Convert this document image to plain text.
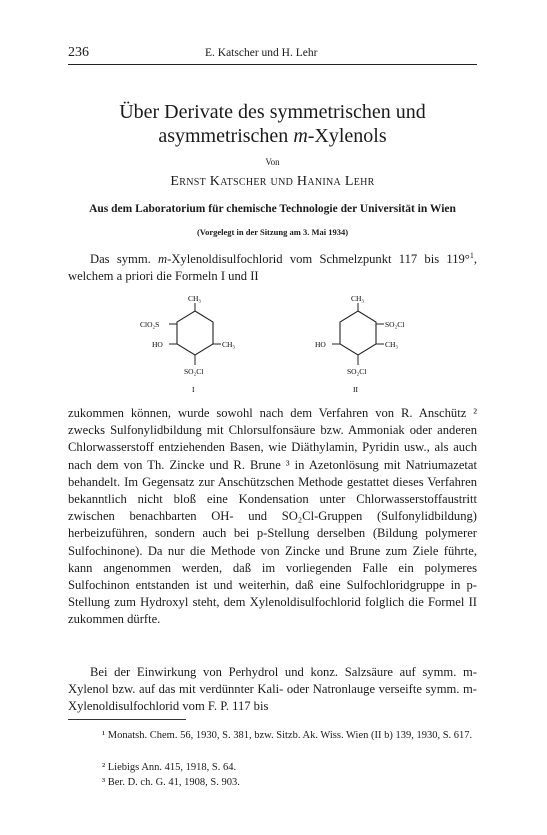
236	E. Katscher und H. Lehr
Über Derivate des symmetrischen und
asymmetrischen m-Xylenols
Von
Ernst Katscher und Hanina Lehr
Aus dem Laboratorium für chemische Technologie der Universität in Wien
(Vorgelegt in der Sitzung am 3. Mai 1934)
Das symm. m-Xylenoldisulfochlorid vom Schmelzpunkt 117 bis 119°$^1$, welchem a priori die Formeln I und II
CH₃
ClO₂S
HO	CH₃
SO₂Cl
I
CH₃
SO₂Cl
HO	CH₃
SO₂Cl
II
zukommen können, wurde sowohl nach dem Verfahren von R. Anschütz ² zwecks Sulfonylidbildung mit Chlorsulfonsäure bzw. Ammoniak oder anderen Chlorwasserstoff entziehenden Basen, wie Diäthylamin, Pyridin usw., als auch nach dem von Th. Zincke und R. Brune ³ in Azetonlösung mit Natriumazetat behandelt. Im Gegensatz zur Anschützschen Methode gestattet dieses Verfahren bekanntlich nicht bloß eine Kondensation unter Chlorwasserstoffaustritt zwischen benachbarten OH- und SO₂Cl-Gruppen (Sulfonylidbildung) herbeizuführen, sondern auch bei p-Stellung derselben (Bildung polymerer Sulfochinone). Da nur die Methode von Zincke und Brune zum Ziele führte, kann angenommen werden, daß im vorliegenden Falle ein polymeres Sulfochinon entstanden ist und weiterhin, daß eine Sulfochloridgruppe in p-Stellung zum Hydroxyl steht, dem Xylenoldisulfochlorid folglich die Formel II zukommen dürfte.
Bei der Einwirkung von Perhydrol und konz. Salzsäure auf symm. m-Xylenol bzw. auf das mit verdünnter Kali- oder Natronlauge verseifte symm. m-Xylenoldisulfochlorid vom F. P. 117 bis
¹ Monatsh. Chem. 56, 1930, S. 381, bzw. Sitzb. Ak. Wiss. Wien (II b) 139, 1930, S. 617.
² Liebigs Ann. 415, 1918, S. 64.
³ Ber. D. ch. G. 41, 1908, S. 903.
